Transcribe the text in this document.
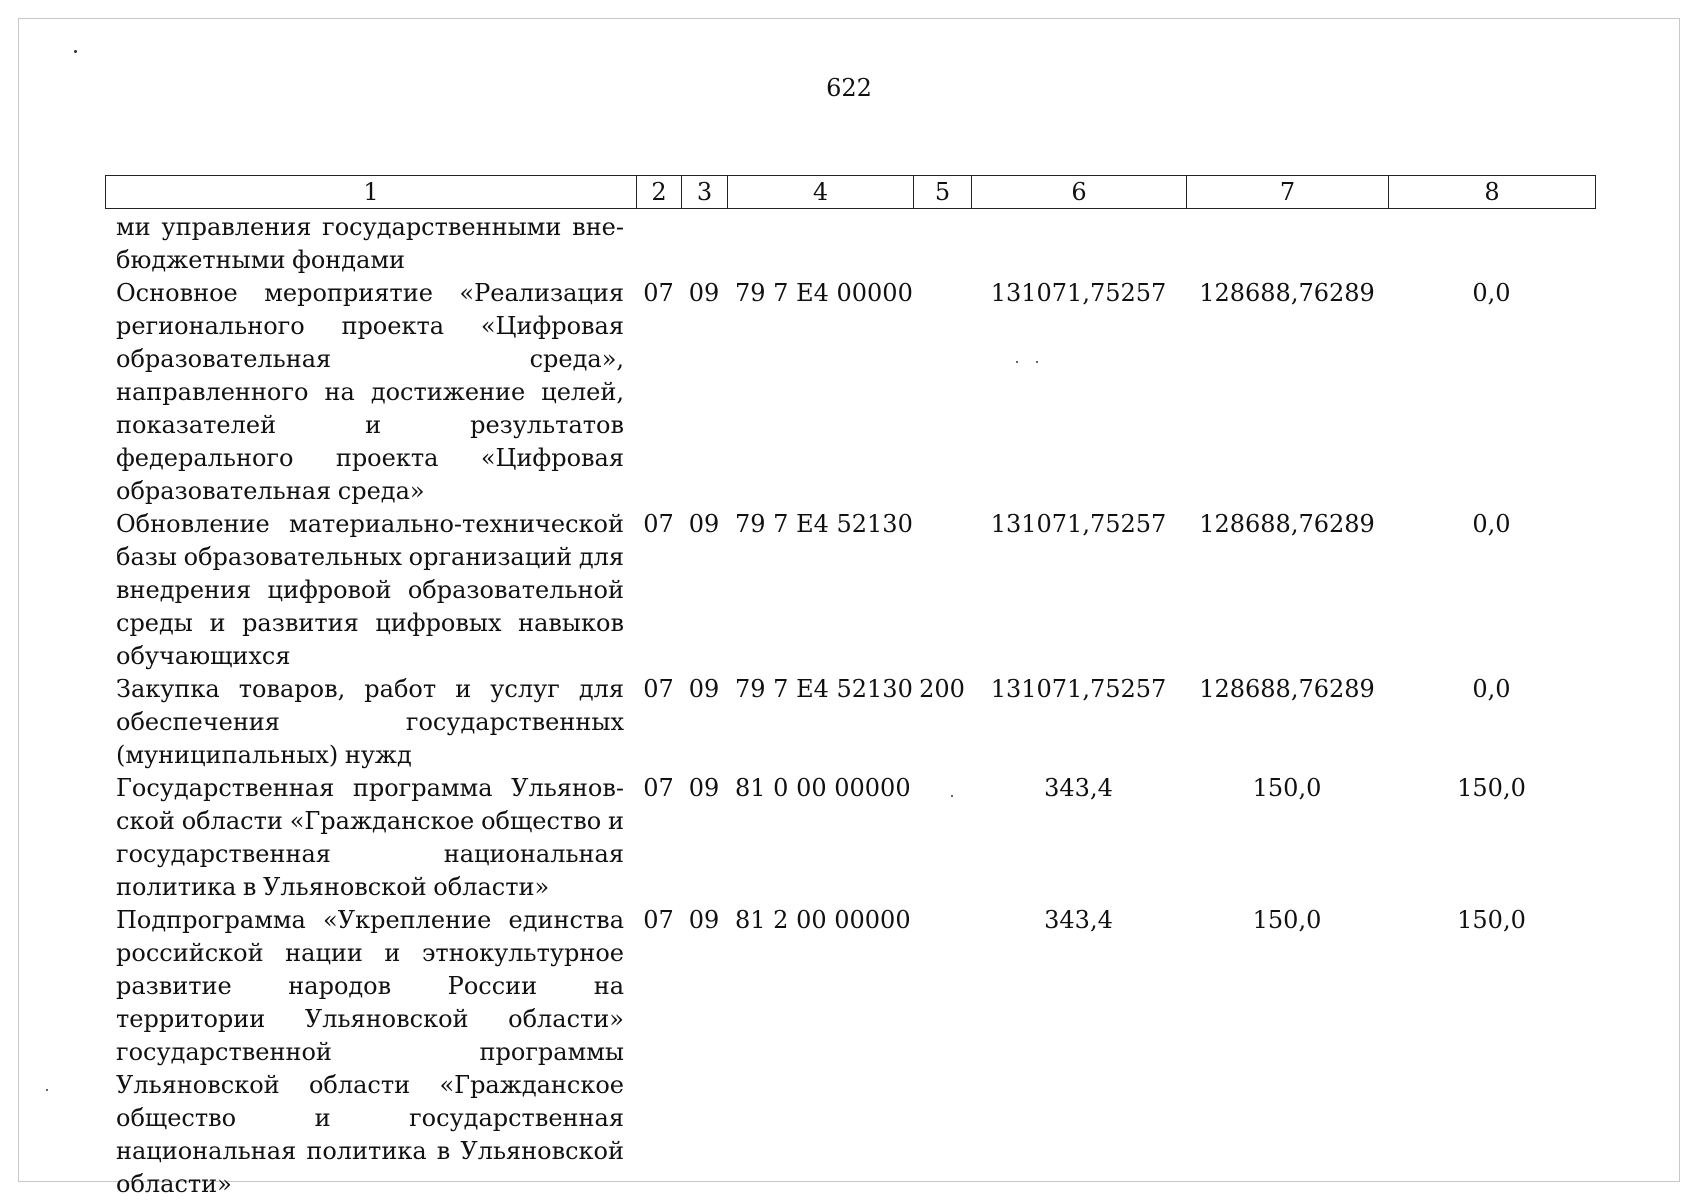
622
1	2	3	4	5	6	7	8
ми управления государственными внебюджетными фондами							
Основное мероприятие «Реализация регионального проекта «Цифровая образовательная среда», направленного на достижение целей, показателей и результатов федерального проекта «Цифровая образовательная среда»	07	09	79 7 Е4 00000		131071,75257	128688,76289	0,0
Обновление материально-технической базы образовательных организаций для внедрения цифровой образовательной среды и развития цифровых навыков обучающихся	07	09	79 7 Е4 52130		131071,75257	128688,76289	0,0
Закупка товаров, работ и услуг для обеспечения государственных (муниципальных) нужд	07	09	79 7 Е4 52130	200	131071,75257	128688,76289	0,0
Государственная программа Ульяновской области «Гражданское общество и государственная национальная политика в Ульяновской области»	07	09	81 0 00 00000		343,4	150,0	150,0
Подпрограмма «Укрепление единства российской нации и этнокультурное развитие народов России на территории Ульяновской области» государственной программы Ульяновской области «Гражданское общество и государственная национальная политика в Ульяновской области»	07	09	81 2 00 00000		343,4	150,0	150,0
